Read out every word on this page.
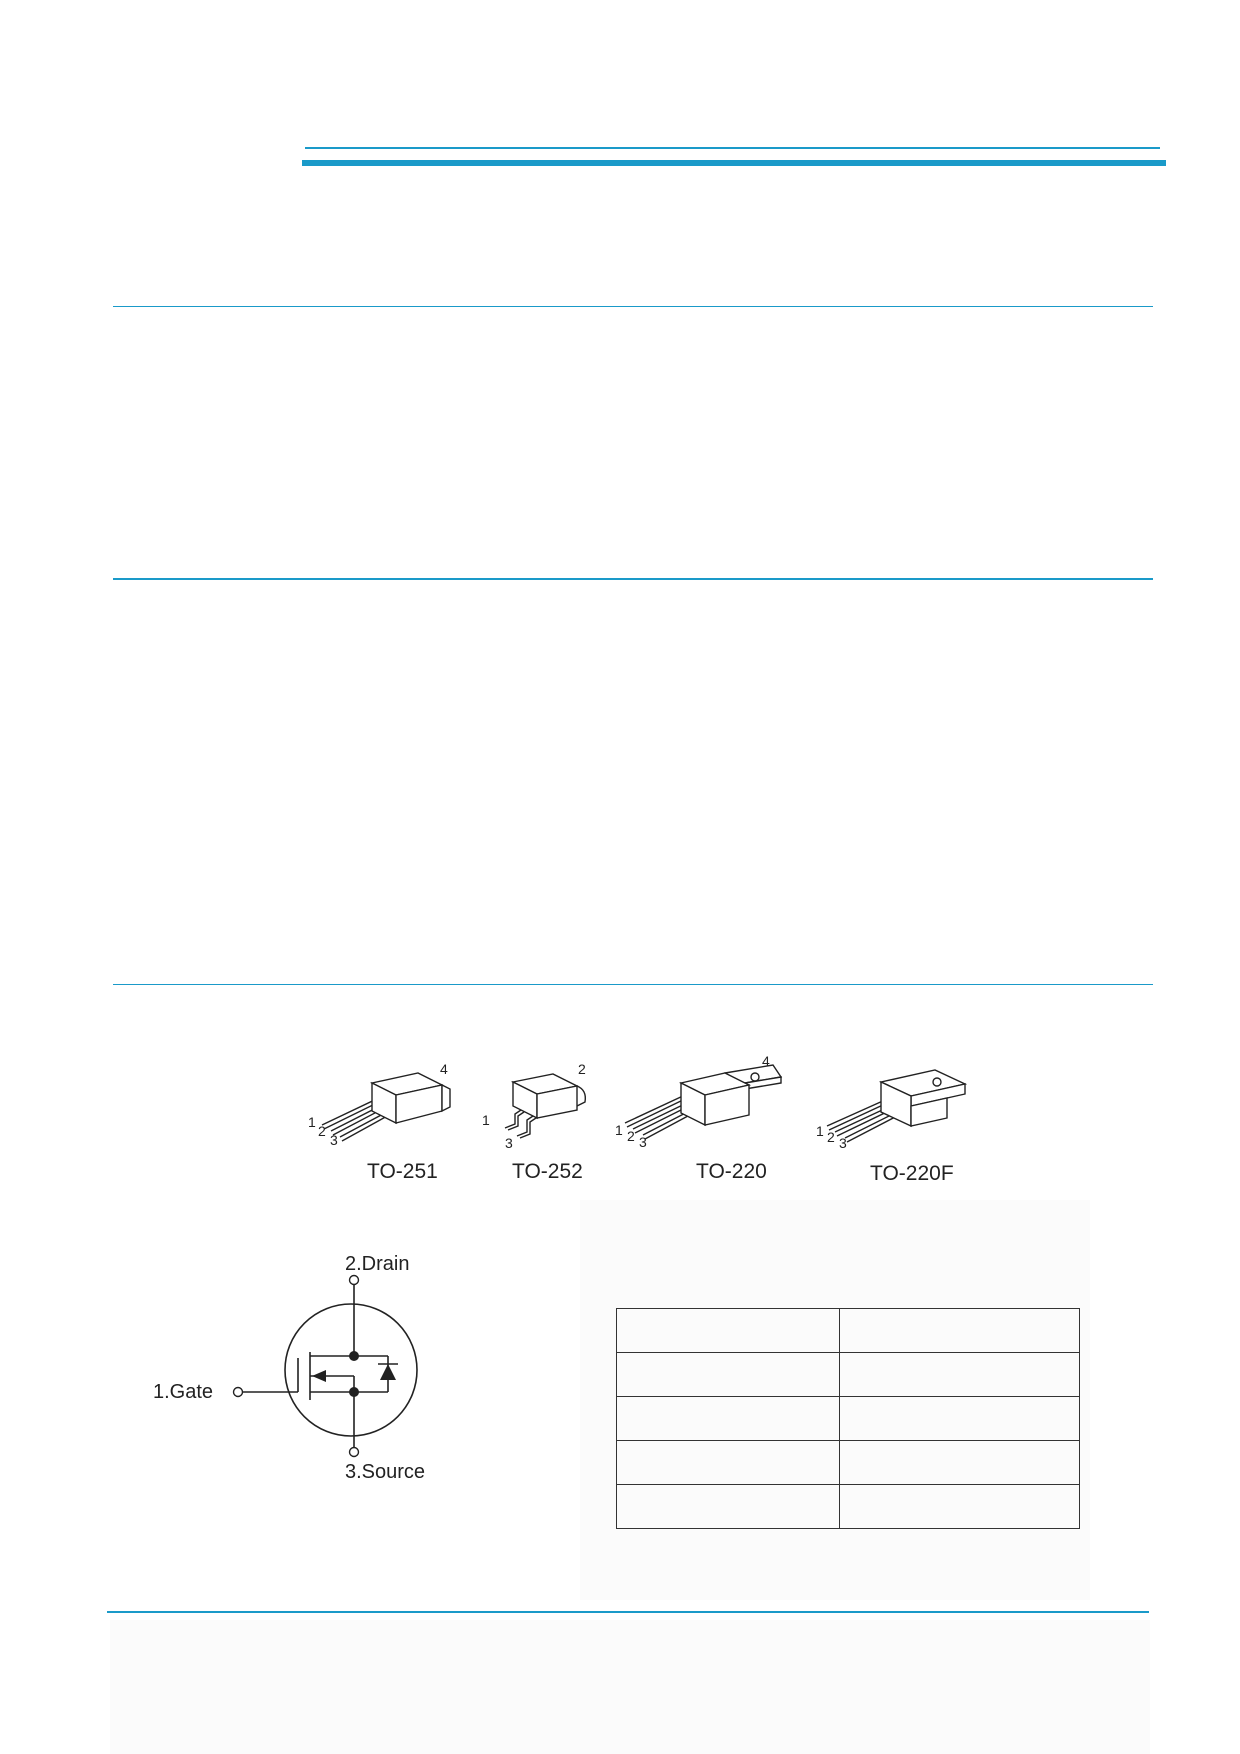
4
1
2
3
TO-251
2
1
3
TO-252
4
1 2 3
TO-220
1 2 3
TO-220F
2.Drain
1.Gate
3.Source
